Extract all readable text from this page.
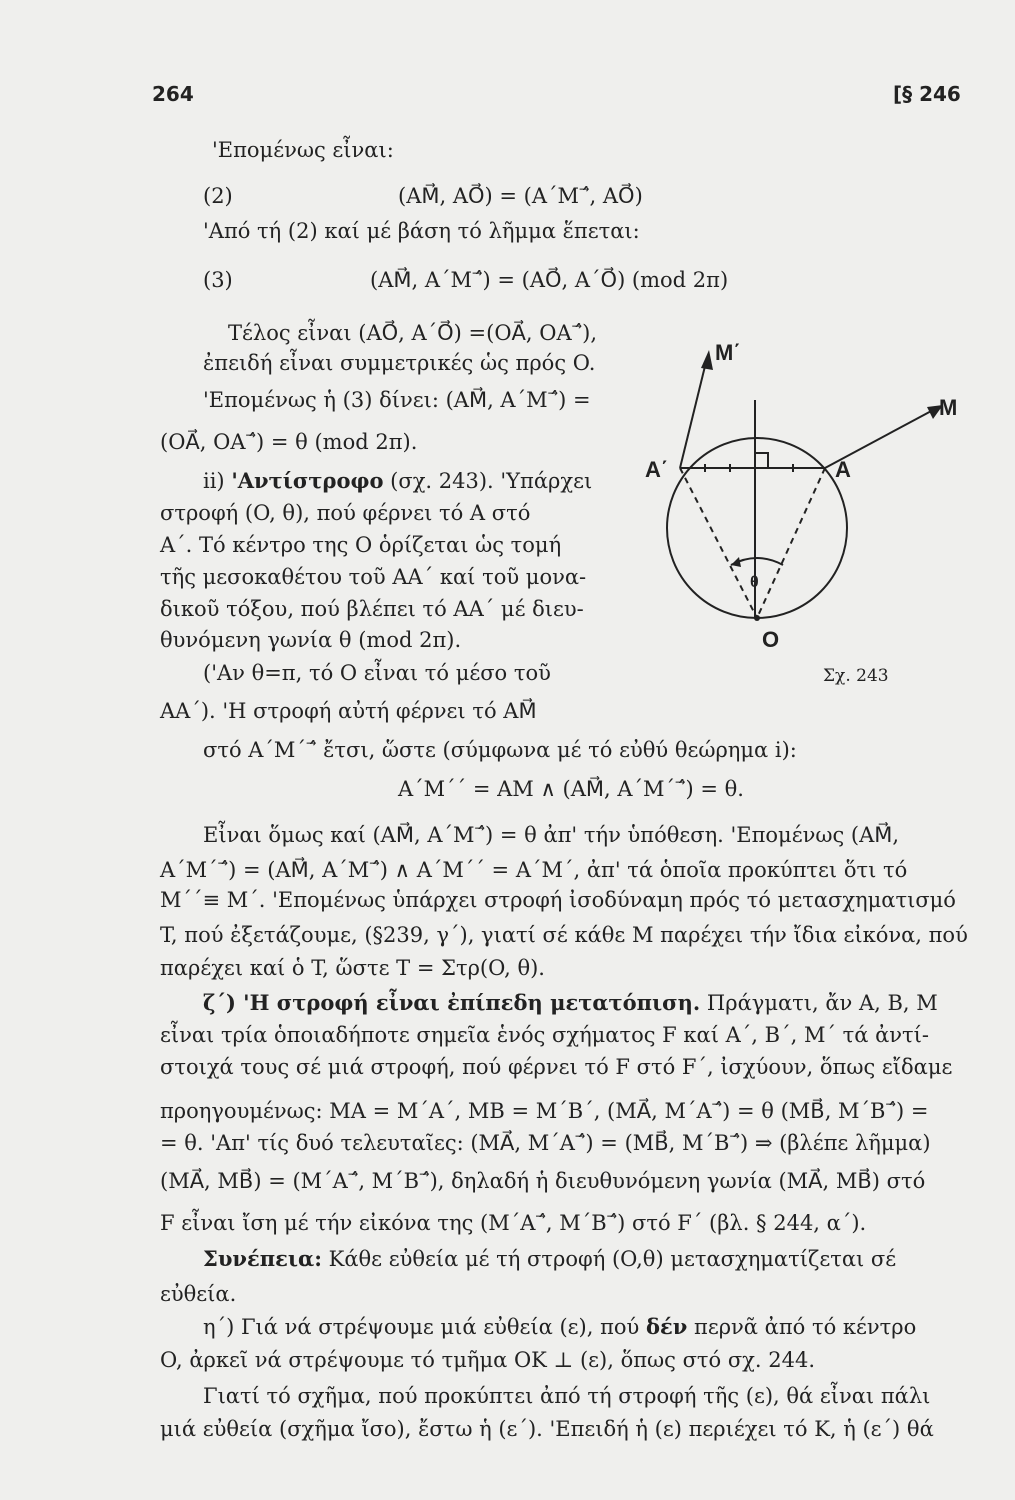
264	[§ 246
'Επομένως εἶναι:
(2)	(AM⃗, AO⃗) = (A΄M΄⃗, AO⃗)
'Από τή (2) καί μέ βάση τό λῆμμα ἕπεται:
(3)	(AM⃗, A΄M΄⃗) = (AO⃗, A΄O⃗) (mod 2π)
Τέλος εἶναι (AO⃗, A΄O⃗) =(OA⃗, OA΄⃗),
ἐπειδή εἶναι συμμετρικές ὡς πρός O.
'Επομένως ἡ (3) δίνει: (AM⃗, A΄M΄⃗) =
(OA⃗, OA΄⃗) = θ (mod 2π).
ii) 'Αντίστροφο (σχ. 243). 'Υπάρχει
στροφή (O, θ), πού φέρνει τό A στό
A΄. Τό κέντρο της O ὁρίζεται ὡς τομή
τῆς μεσοκαθέτου τοῦ AA΄ καί τοῦ μονα-
δικοῦ τόξου, πού βλέπει τό AA΄ μέ διευ-
θυνόμενη γωνία θ (mod 2π).
('Αν θ=π, τό O εἶναι τό μέσο τοῦ
AA΄). 'Η στροφή αὐτή φέρνει τό AM⃗
στό A΄M΄΄⃗ ἔτσι, ὥστε (σύμφωνα μέ τό εὐθύ θεώρημα i):
A΄M΄΄ = AM ∧ (AM⃗, A΄M΄΄⃗) = θ.
Εἶναι ὅμως καί (AM⃗, A΄M΄⃗) = θ ἀπ' τήν ὑπόθεση. 'Επομένως (AM⃗,
A΄M΄΄⃗) = (AM⃗, A΄M΄⃗) ∧ A΄M΄΄ = A΄M΄, ἀπ' τά ὁποῖα προκύπτει ὅτι τό
M΄΄≡ M΄. 'Επομένως ὑπάρχει στροφή ἰσοδύναμη πρός τό μετασχηματισμό
T, πού ἐξετάζουμε, (§239, γ΄), γιατί σέ κάθε M παρέχει τήν ἴδια εἰκόνα, πού
παρέχει καί ὁ T, ὥστε T = Στρ(O, θ).
ζ΄) 'Η στροφή εἶναι ἐπίπεδη μετατόπιση. Πράγματι, ἄν A, B, M
εἶναι τρία ὁποιαδήποτε σημεῖα ἑνός σχήματος F καί A΄, B΄, M΄ τά ἀντί-
στοιχά τους σέ μιά στροφή, πού φέρνει τό F στό F΄, ἰσχύουν, ὅπως εἴδαμε
προηγουμένως: MA = M΄A΄, MB = M΄B΄, (MA⃗, M΄A΄⃗) = θ (MB⃗, M΄B΄⃗) =
= θ. 'Απ' τίς δυό τελευταῖες: (MA⃗, M΄A΄⃗) = (MB⃗, M΄B΄⃗) ⇒ (βλέπε λῆμμα)
(MA⃗, MB⃗) = (M΄A΄⃗, M΄B΄⃗), δηλαδή ἡ διευθυνόμενη γωνία (MA⃗, MB⃗) στό
F εἶναι ἴση μέ τήν εἰκόνα της (M΄A΄⃗, M΄B΄⃗) στό F΄ (βλ. § 244, α΄).
Συνέπεια: Κάθε εὐθεία μέ τή στροφή (O,θ) μετασχηματίζεται σέ
εὐθεία.
η΄) Γιά νά στρέψουμε μιά εὐθεία (ε), πού δέν περνᾶ ἀπό τό κέντρο
O, ἀρκεῖ νά στρέψουμε τό τμῆμα OK ⊥ (ε), ὅπως στό σχ. 244.
Γιατί τό σχῆμα, πού προκύπτει ἀπό τή στροφή τῆς (ε), θά εἶναι πάλι
μιά εὐθεία (σχῆμα ἴσο), ἔστω ἡ (ε΄). 'Επειδή ἡ (ε) περιέχει τό K, ἡ (ε΄) θά
M΄
M
A΄	A
θ
O
Σχ. 243
